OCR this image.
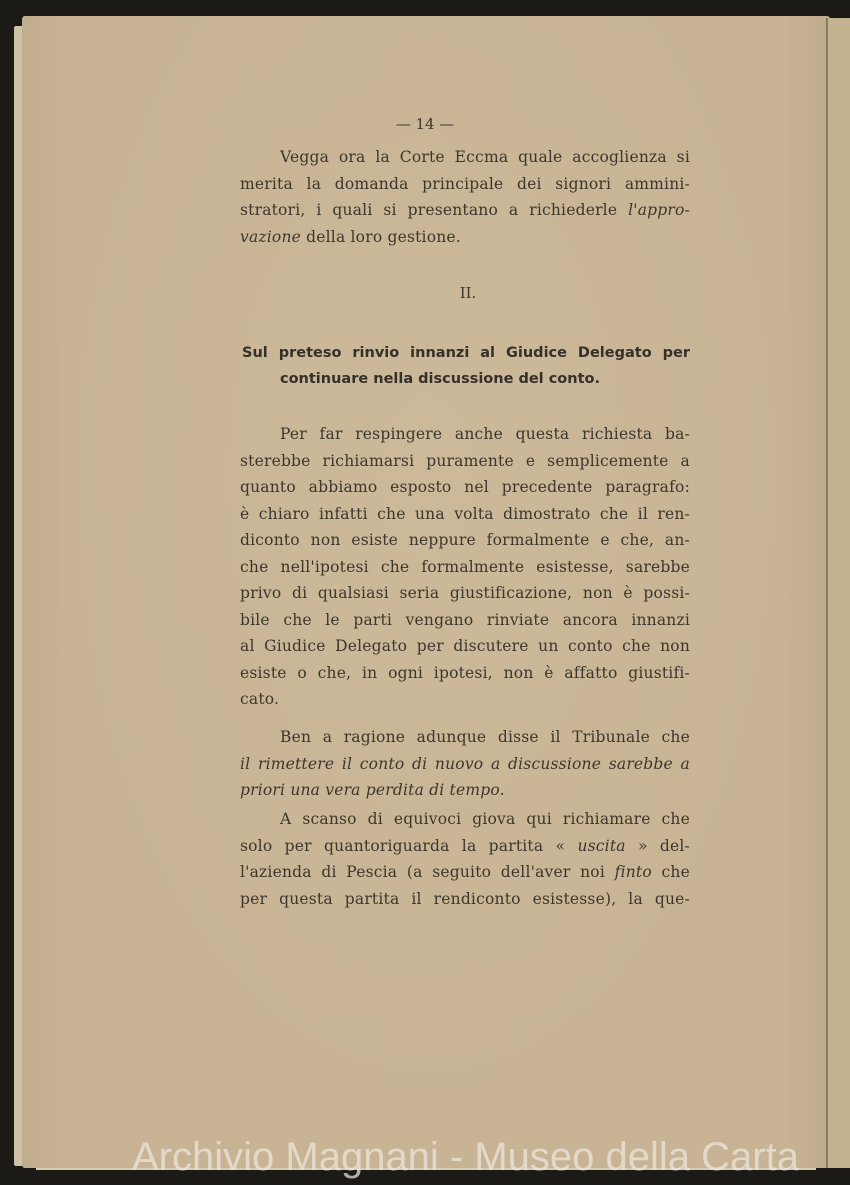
— 14 —
Vegga ora la Corte Eccma quale accoglienza si
merita la domanda principale dei signori ammini-
stratori, i quali si presentano a richiederle l'appro-
vazione della loro gestione.
II.
Sul preteso rinvio innanzi al Giudice Delegato per
continuare nella discussione del conto.
Per far respingere anche questa richiesta ba-
sterebbe richiamarsi puramente e semplicemente a
quanto abbiamo esposto nel precedente paragrafo:
è chiaro infatti che una volta dimostrato che il ren-
diconto non esiste neppure formalmente e che, an-
che nell'ipotesi che formalmente esistesse, sarebbe
privo di qualsiasi seria giustificazione, non è possi-
bile che le parti vengano rinviate ancora innanzi
al Giudice Delegato per discutere un conto che non
esiste o che, in ogni ipotesi, non è affatto giustifi-
cato.
Ben a ragione adunque disse il Tribunale che
il rimettere il conto di nuovo a discussione sarebbe a
priori una vera perdita di tempo.
A scanso di equivoci giova qui richiamare che
solo per quantoriguarda la partita « uscita » del-
l'azienda di Pescia (a seguito dell'aver noi finto che
per questa partita il rendiconto esistesse), la que-
Archivio Magnani - Museo della Carta
